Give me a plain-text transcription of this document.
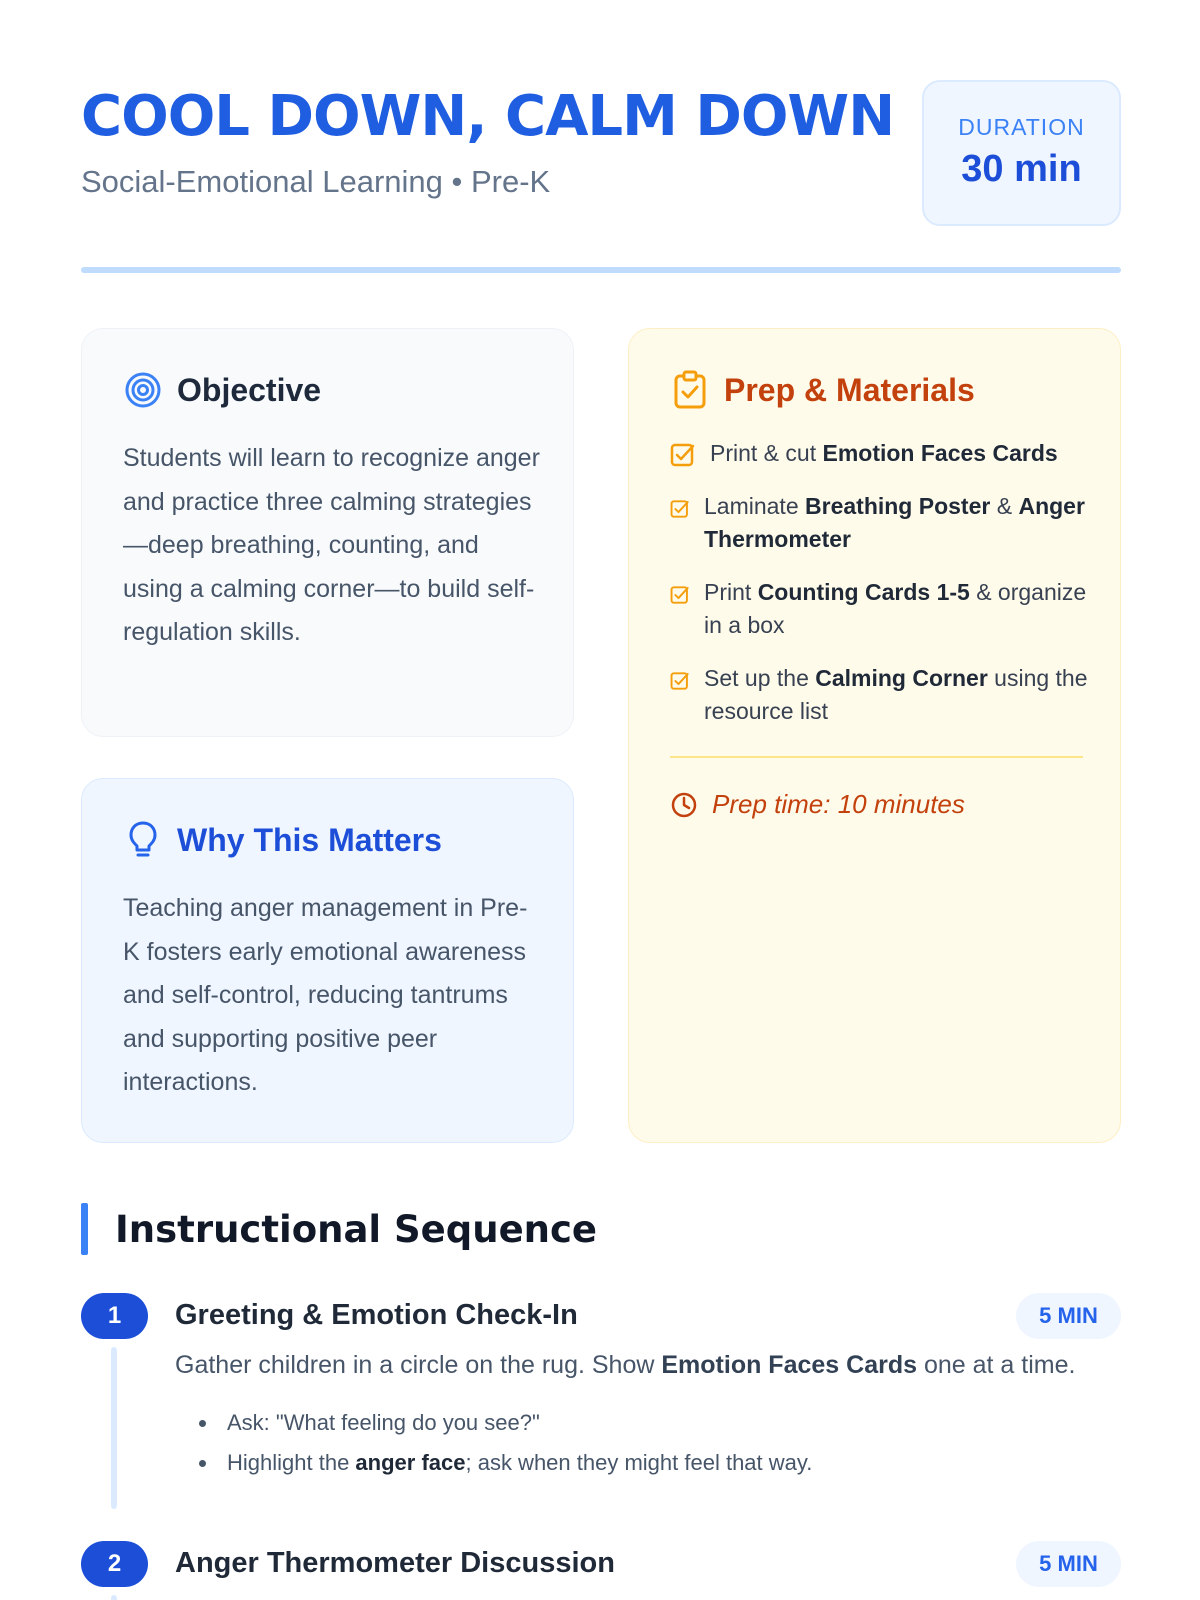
COOL DOWN, CALM DOWN
Social-Emotional Learning • Pre-K
DURATION
30 min
Objective

Students will learn to recognize anger and practice three calming strategies—deep breathing, counting, and using a calming corner—to build self-regulation skills.

Why This Matters

Teaching anger management in Pre-K fosters early emotional awareness and self-control, reducing tantrums and supporting positive peer interactions.

Prep & Materials
Print & cut Emotion Faces Cards
Laminate Breathing Poster & Anger Thermometer
Print Counting Cards 1-5 & organize in a box
Set up the Calming Corner using the resource list
Prep time: 10 minutes
Instructional Sequence
1	Greeting & Emotion Check-In	5 MIN
Gather children in a circle on the rug. Show Emotion Faces Cards one at a time.
• Ask: "What feeling do you see?"
• Highlight the anger face; ask when they might feel that way.
2	Anger Thermometer Discussion	5 MIN
